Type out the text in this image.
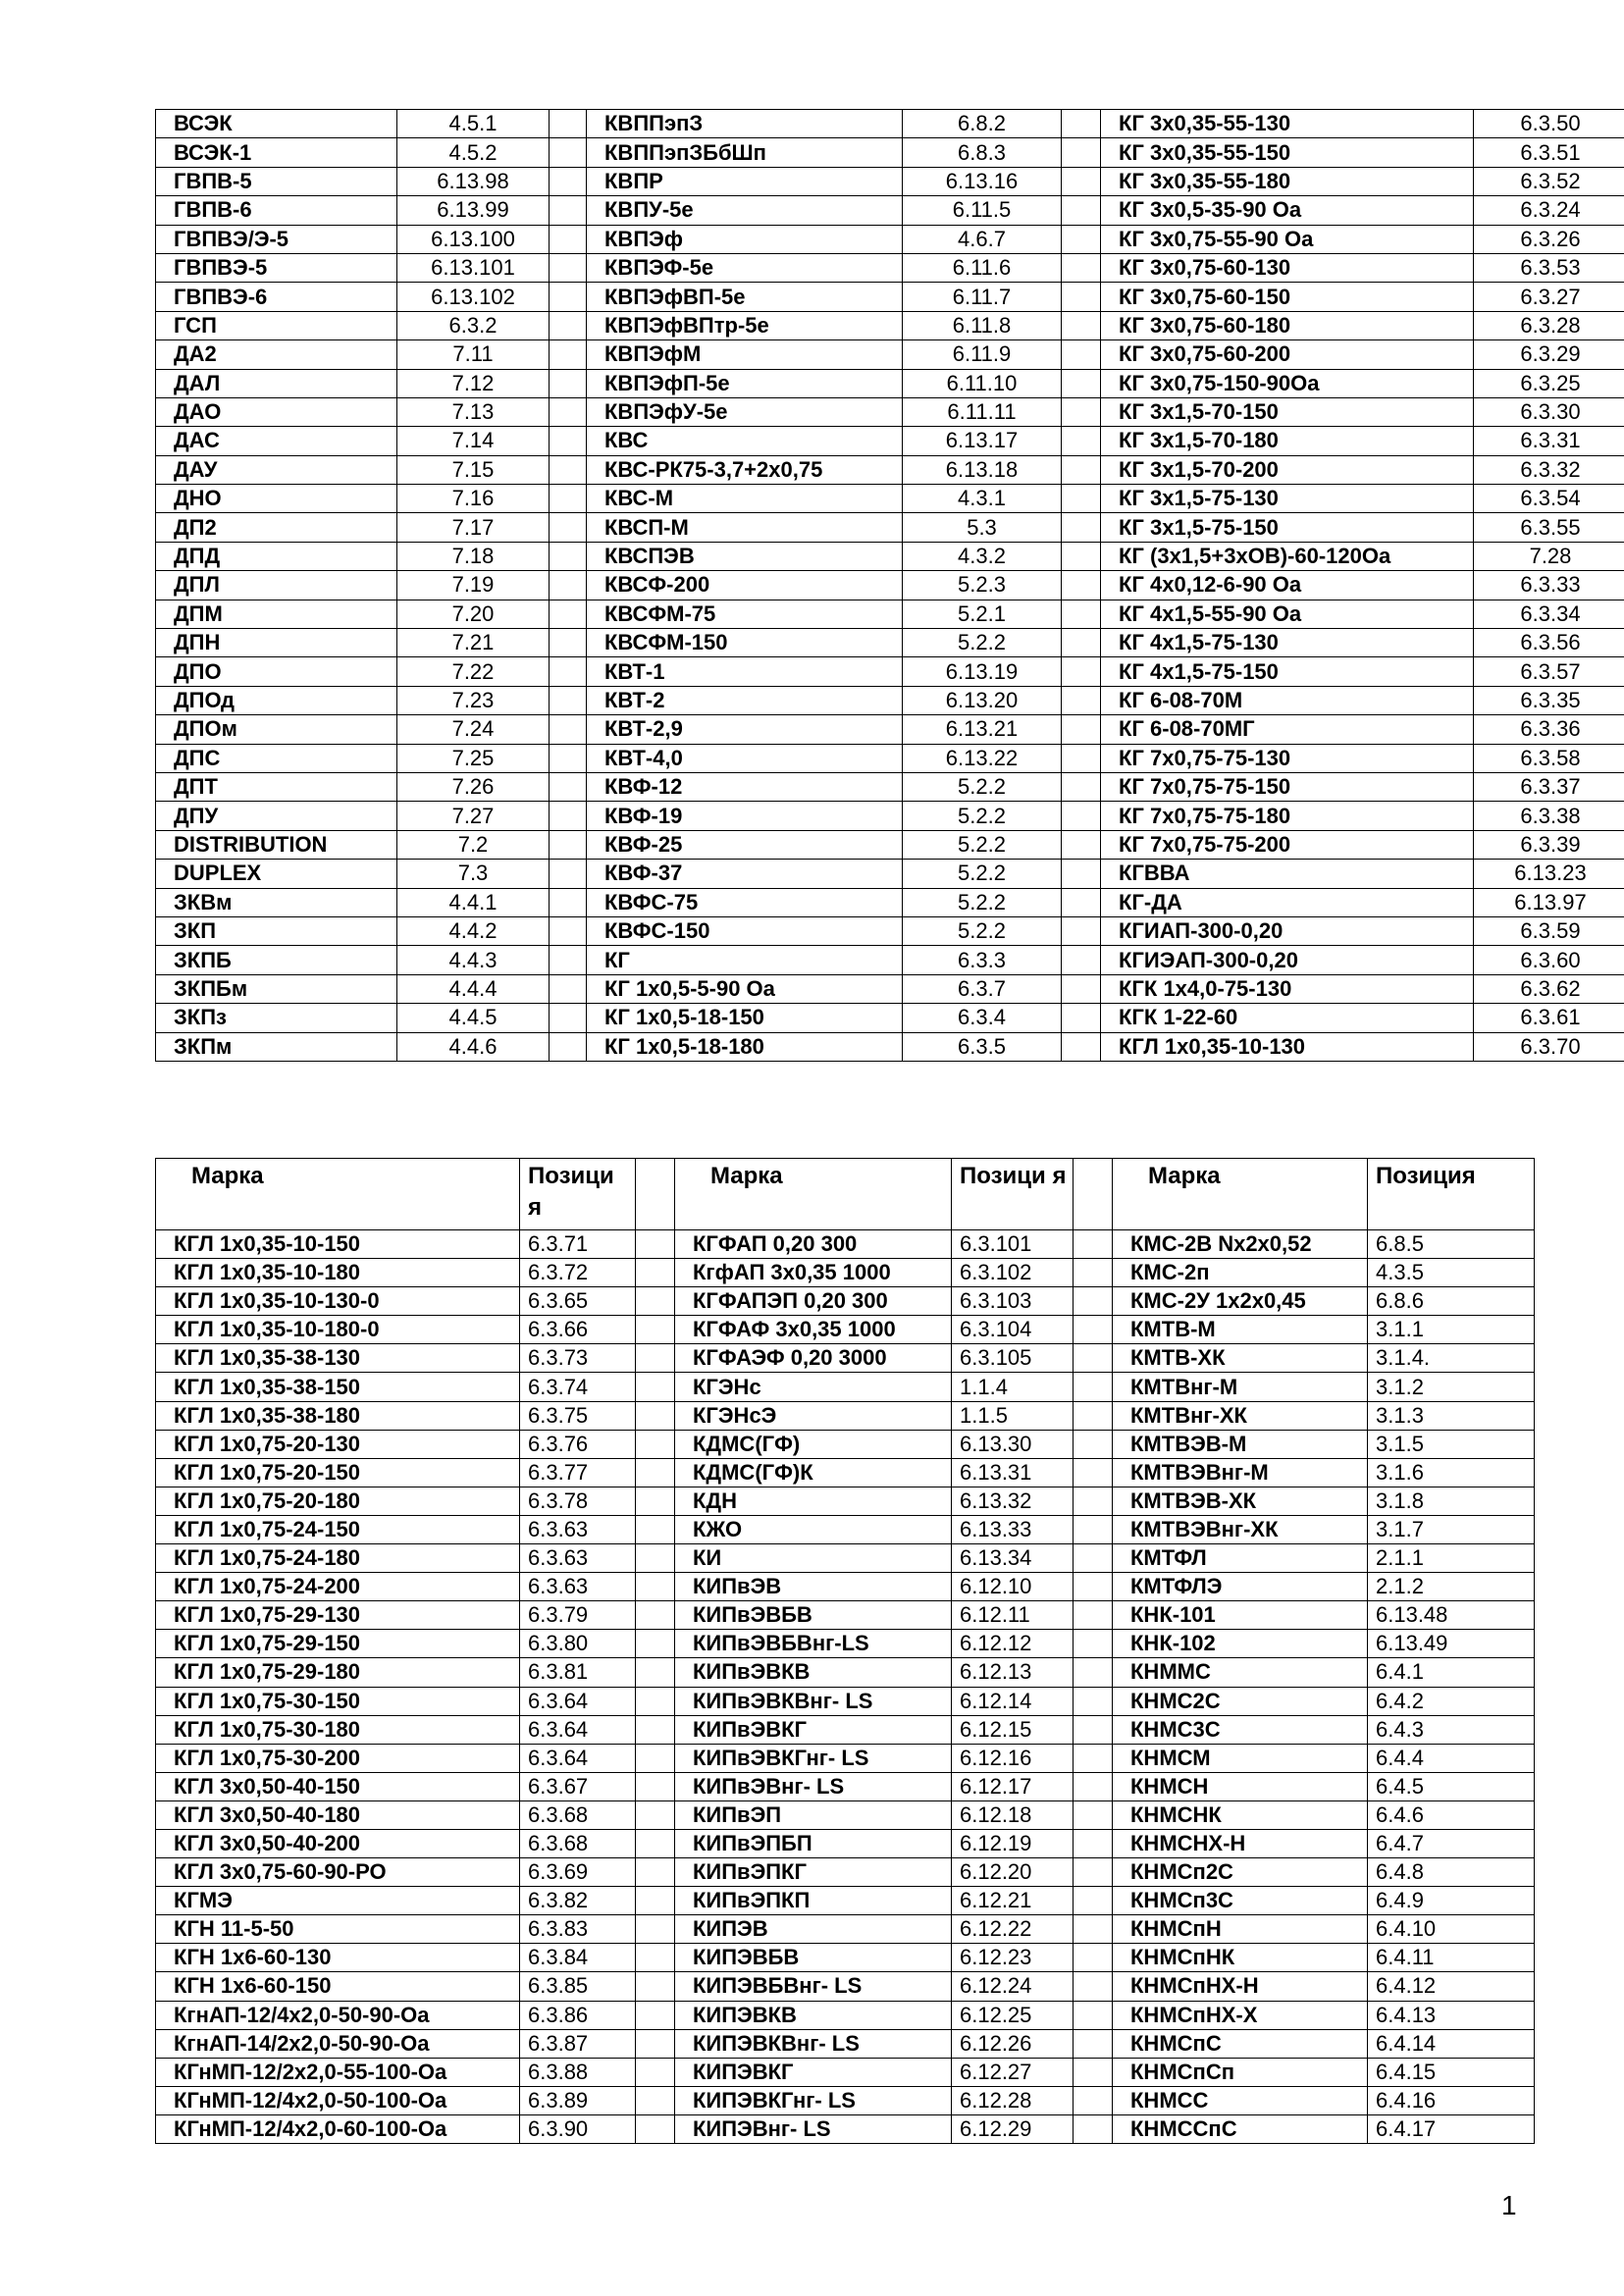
ВСЭК	4.5.1		КВППэпЗ	6.8.2		КГ 3х0,35-55-130	6.3.50
ВСЭК-1	4.5.2		КВППэпЗБбШп	6.8.3		КГ 3х0,35-55-150	6.3.51
ГВПВ-5	6.13.98		КВПР	6.13.16		КГ 3х0,35-55-180	6.3.52
ГВПВ-6	6.13.99		КВПУ-5е	6.11.5		КГ 3х0,5-35-90 Оа	6.3.24
ГВПВЭ/Э-5	6.13.100		КВПЭф	4.6.7		КГ 3х0,75-55-90 Оа	6.3.26
ГВПВЭ-5	6.13.101		КВПЭФ-5е	6.11.6		КГ 3х0,75-60-130	6.3.53
ГВПВЭ-6	6.13.102		КВПЭфВП-5е	6.11.7		КГ 3х0,75-60-150	6.3.27
ГСП	6.3.2		КВПЭфВПтр-5е	6.11.8		КГ 3х0,75-60-180	6.3.28
ДА2	7.11		КВПЭфМ	6.11.9		КГ 3х0,75-60-200	6.3.29
ДАЛ	7.12		КВПЭфП-5е	6.11.10		КГ 3х0,75-150-90Оа	6.3.25
ДАО	7.13		КВПЭфУ-5е	6.11.11		КГ 3х1,5-70-150	6.3.30
ДАС	7.14		КВС	6.13.17		КГ 3х1,5-70-180	6.3.31
ДАУ	7.15		КВС-РК75-3,7+2х0,75	6.13.18		КГ 3х1,5-70-200	6.3.32
ДНО	7.16		КВС-М	4.3.1		КГ 3х1,5-75-130	6.3.54
ДП2	7.17		КВСП-М	5.3		КГ 3х1,5-75-150	6.3.55
ДПД	7.18		КВСПЭВ	4.3.2		КГ (3х1,5+3хОВ)-60-120Оа	7.28
ДПЛ	7.19		КВСФ-200	5.2.3		КГ 4х0,12-6-90 Оа	6.3.33
ДПМ	7.20		КВСФМ-75	5.2.1		КГ 4х1,5-55-90 Оа	6.3.34
ДПН	7.21		КВСФМ-150	5.2.2		КГ 4х1,5-75-130	6.3.56
ДПО	7.22		КВТ-1	6.13.19		КГ 4х1,5-75-150	6.3.57
ДПОд	7.23		КВТ-2	6.13.20		КГ 6-08-70М	6.3.35
ДПОм	7.24		КВТ-2,9	6.13.21		КГ 6-08-70МГ	6.3.36
ДПС	7.25		КВТ-4,0	6.13.22		КГ 7х0,75-75-130	6.3.58
ДПТ	7.26		КВФ-12	5.2.2		КГ 7х0,75-75-150	6.3.37
ДПУ	7.27		КВФ-19	5.2.2		КГ 7х0,75-75-180	6.3.38
DISTRIBUTION	7.2		КВФ-25	5.2.2		КГ 7х0,75-75-200	6.3.39
DUPLEX	7.3		КВФ-37	5.2.2		КГВВА	6.13.23
ЗКВм	4.4.1		КВФС-75	5.2.2		КГ-ДА	6.13.97
ЗКП	4.4.2		КВФС-150	5.2.2		КГИАП-300-0,20	6.3.59
ЗКПБ	4.4.3		КГ	6.3.3		КГИЭАП-300-0,20	6.3.60
ЗКПБм	4.4.4		КГ 1х0,5-5-90 Оа	6.3.7		КГК 1х4,0-75-130	6.3.62
ЗКПз	4.4.5		КГ 1х0,5-18-150	6.3.4		КГК 1-22-60	6.3.61
ЗКПм	4.4.6		КГ 1х0,5-18-180	6.3.5		КГЛ 1х0,35-10-130	6.3.70
Марка	Позици я		Марка	Позици я		Марка	Позиция
КГЛ 1х0,35-10-150	6.3.71		КГФАП 0,20 300	6.3.101		КМС-2В Nх2х0,52	6.8.5
КГЛ 1х0,35-10-180	6.3.72		КгфАП 3х0,35 1000	6.3.102		КМС-2п	4.3.5
КГЛ 1х0,35-10-130-0	6.3.65		КГФАПЭП 0,20 300	6.3.103		КМС-2У 1х2х0,45	6.8.6
КГЛ 1х0,35-10-180-0	6.3.66		КГФАФ 3х0,35 1000	6.3.104		КМТВ-М	3.1.1
КГЛ 1х0,35-38-130	6.3.73		КГФАЭФ 0,20 3000	6.3.105		КМТВ-ХК	3.1.4.
КГЛ 1х0,35-38-150	6.3.74		КГЭНс	1.1.4		КМТВнг-М	3.1.2
КГЛ 1х0,35-38-180	6.3.75		КГЭНсЭ	1.1.5		КМТВнг-ХК	3.1.3
КГЛ 1х0,75-20-130	6.3.76		КДМС(ГФ)	6.13.30		КМТВЭВ-М	3.1.5
КГЛ 1х0,75-20-150	6.3.77		КДМС(ГФ)К	6.13.31		КМТВЭВнг-М	3.1.6
КГЛ 1х0,75-20-180	6.3.78		КДН	6.13.32		КМТВЭВ-ХК	3.1.8
КГЛ 1х0,75-24-150	6.3.63		КЖО	6.13.33		КМТВЭВнг-ХК	3.1.7
КГЛ 1х0,75-24-180	6.3.63		КИ	6.13.34		КМТФЛ	2.1.1
КГЛ 1х0,75-24-200	6.3.63		КИПвЭВ	6.12.10		КМТФЛЭ	2.1.2
КГЛ 1х0,75-29-130	6.3.79		КИПвЭВБВ	6.12.11		КНК-101	6.13.48
КГЛ 1х0,75-29-150	6.3.80		КИПвЭВБВнг-LS	6.12.12		КНК-102	6.13.49
КГЛ 1х0,75-29-180	6.3.81		КИПвЭВКВ	6.12.13		КНММС	6.4.1
КГЛ 1х0,75-30-150	6.3.64		КИПвЭВКВнг- LS	6.12.14		КНМС2С	6.4.2
КГЛ 1х0,75-30-180	6.3.64		КИПвЭВКГ	6.12.15		КНМС3С	6.4.3
КГЛ 1х0,75-30-200	6.3.64		КИПвЭВКГнг- LS	6.12.16		КНМСМ	6.4.4
КГЛ 3х0,50-40-150	6.3.67		КИПвЭВнг- LS	6.12.17		КНМСН	6.4.5
КГЛ 3х0,50-40-180	6.3.68		КИПвЭП	6.12.18		КНМСНК	6.4.6
КГЛ 3х0,50-40-200	6.3.68		КИПвЭПБП	6.12.19		КНМСНХ-Н	6.4.7
КГЛ 3х0,75-60-90-РО	6.3.69		КИПвЭПКГ	6.12.20		КНМСп2С	6.4.8
КГМЭ	6.3.82		КИПвЭПКП	6.12.21		КНМСп3С	6.4.9
КГН 11-5-50	6.3.83		КИПЭВ	6.12.22		КНМСпН	6.4.10
КГН 1х6-60-130	6.3.84		КИПЭВБВ	6.12.23		КНМСпНК	6.4.11
КГН 1х6-60-150	6.3.85		КИПЭВБВнг- LS	6.12.24		КНМСпНХ-Н	6.4.12
КгнАП-12/4х2,0-50-90-Оа	6.3.86		КИПЭВКВ	6.12.25		КНМСпНХ-Х	6.4.13
КгнАП-14/2х2,0-50-90-Оа	6.3.87		КИПЭВКВнг- LS	6.12.26		КНМСпС	6.4.14
КГнМП-12/2х2,0-55-100-Оа	6.3.88		КИПЭВКГ	6.12.27		КНМСпСп	6.4.15
КГнМП-12/4х2,0-50-100-Оа	6.3.89		КИПЭВКГнг- LS	6.12.28		КНМСС	6.4.16
КГнМП-12/4х2,0-60-100-Оа	6.3.90		КИПЭВнг- LS	6.12.29		КНМССпС	6.4.17
1
